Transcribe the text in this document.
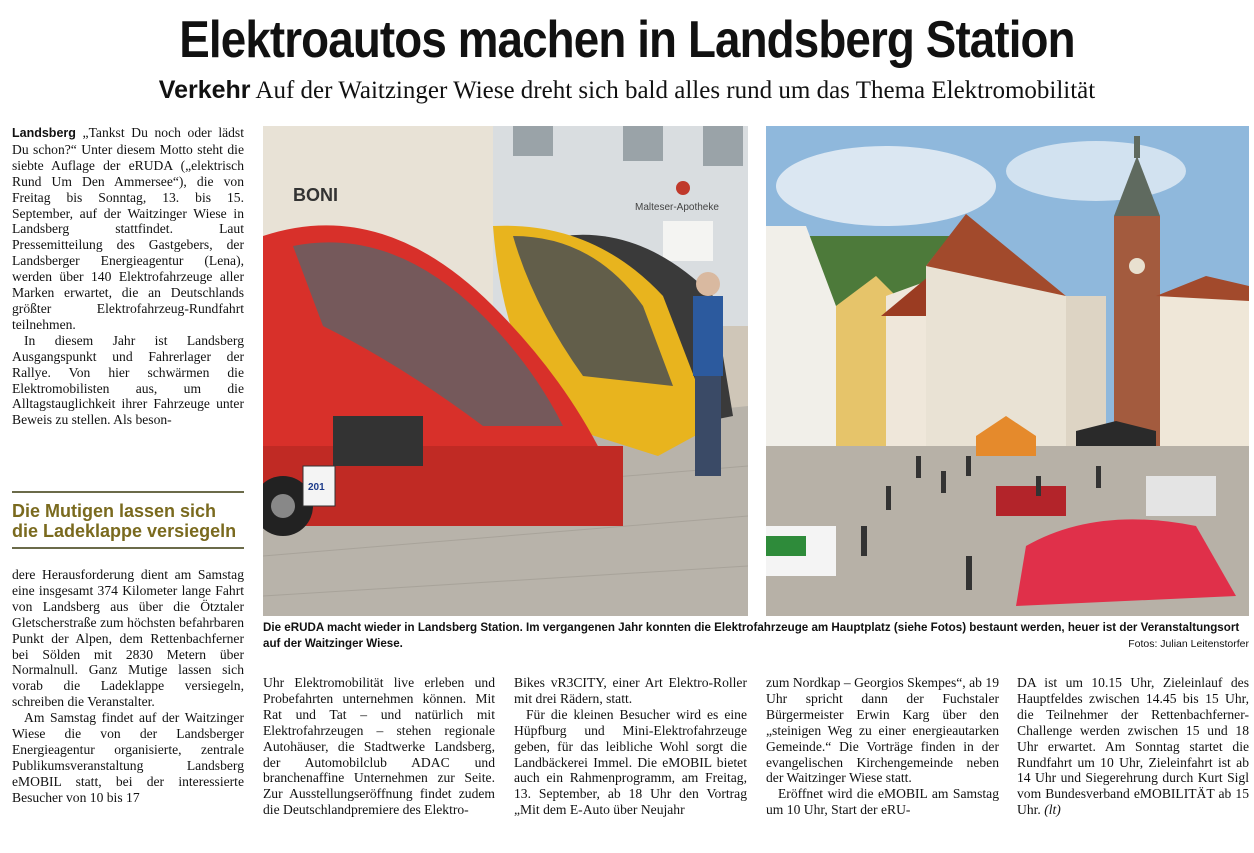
Elektroautos machen in Landsberg Station
Verkehr Auf der Waitzinger Wiese dreht sich bald alles rund um das Thema Elektromobilität

Landsberg „Tankst Du noch oder lädst Du schon?“ Unter diesem Motto steht die siebte Auflage der eRUDA („elektrisch Rund Um Den Ammersee“), die von Freitag bis Sonntag, 13. bis 15. September, auf der Waitzinger Wiese in Landsberg stattfindet. Laut Pressemitteilung des Gastgebers, der Landsberger Energieagentur (Lena), werden über 140 Elektrofahrzeuge aller Marken erwartet, die an Deutschlands größter Elektrofahrzeug-Rundfahrt teilnehmen.

In diesem Jahr ist Landsberg Ausgangspunkt und Fahrerlager der Rallye. Von hier schwärmen die Elektromobilisten aus, um die Alltagstauglichkeit ihrer Fahrzeuge unter Beweis zu stellen. Als beson-

Die Mutigen lassen sich die Ladeklappe versiegeln

dere Herausforderung dient am Samstag eine insgesamt 374 Kilometer lange Fahrt von Landsberg aus über die Ötztaler Gletscherstraße zum höchsten befahrbaren Punkt der Alpen, dem Rettenbachferner bei Sölden mit 2830 Metern über Normalnull. Ganz Mutige lassen sich vorab die Ladeklappe versiegeln, schreiben die Veranstalter.

Am Samstag findet auf der Waitzinger Wiese die von der Landsberger Energieagentur organisierte, zentrale Publikumsveranstaltung Landsberg eMOBIL statt, bei der interessierte Besucher von 10 bis 17

BONI
Malteser-Apotheke
201
Die eRUDA macht wieder in Landsberg Station. Im vergangenen Jahr konnten die Elektrofahrzeuge am Hauptplatz (siehe Fotos) bestaunt werden, heuer ist der Veranstaltungsort auf der Waitzinger Wiese.	Fotos: Julian Leitenstorfer

Uhr Elektromobilität live erleben und Probefahrten unternehmen können. Mit Rat und Tat – und natürlich mit Elektrofahrzeugen – stehen regionale Autohäuser, die Stadtwerke Landsberg, der Automobilclub ADAC und branchenaffine Unternehmen zur Seite. Zur Ausstellungseröffnung findet zudem die Deutschlandpremiere des Elektro-

Bikes vR3CITY, einer Art Elektro-Roller mit drei Rädern, statt.

Für die kleinen Besucher wird es eine Hüpfburg und Mini-Elektrofahrzeuge geben, für das leibliche Wohl sorgt die Landbäckerei Immel. Die eMOBIL bietet auch ein Rahmenprogramm, am Freitag, 13. September, ab 18 Uhr den Vortrag „Mit dem E-Auto über Neujahr

zum Nordkap – Georgios Skempes“, ab 19 Uhr spricht dann der Fuchstaler Bürgermeister Erwin Karg über den „steinigen Weg zu einer energieautarken Gemeinde.“ Die Vorträge finden in der evangelischen Kirchengemeinde neben der Waitzinger Wiese statt.

Eröffnet wird die eMOBIL am Samstag um 10 Uhr, Start der eRU-

DA ist um 10.15 Uhr, Zieleinlauf des Hauptfeldes zwischen 14.45 bis 15 Uhr, die Teilnehmer der Rettenbachferner-Challenge werden zwischen 15 und 18 Uhr erwartet. Am Sonntag startet die Rundfahrt um 10 Uhr, Zieleinfahrt ist ab 14 Uhr und Siegerehrung durch Kurt Sigl vom Bundesverband eMOBILITÄT ab 15 Uhr. (lt)
